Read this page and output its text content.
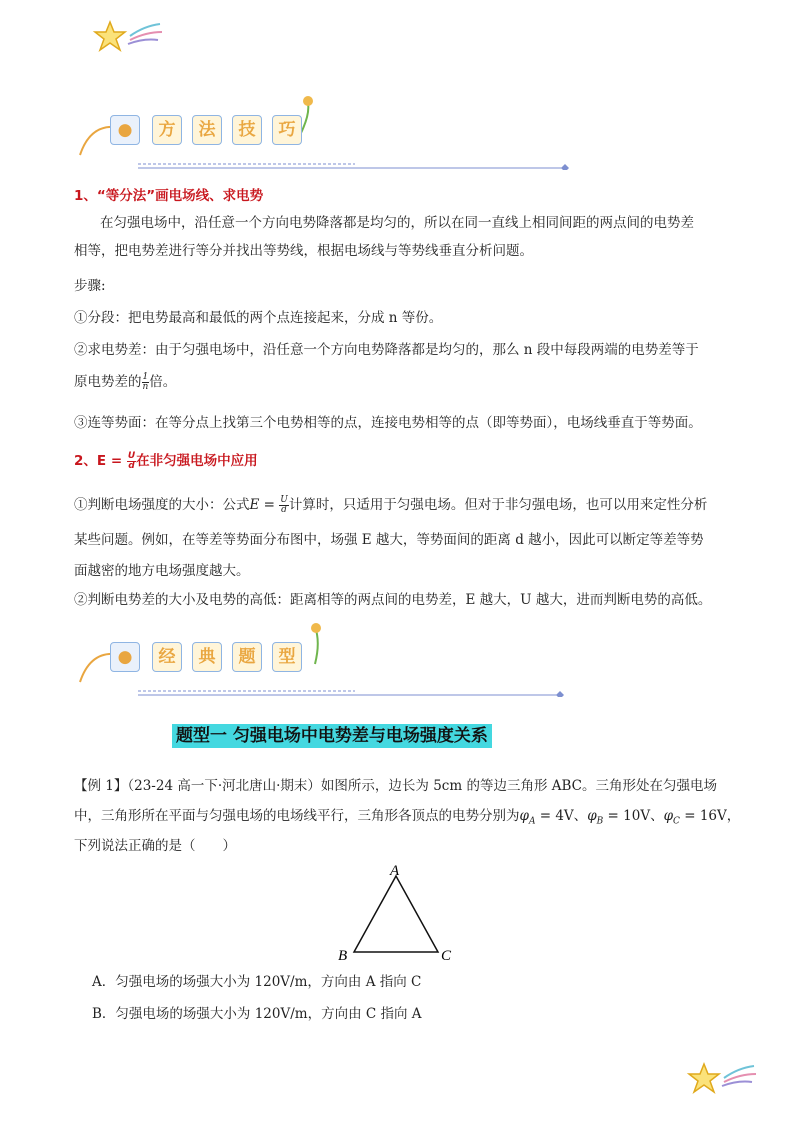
●	方	法	技	巧
1、“等分法”画电场线、求电势
在匀强电场中，沿任意一个方向电势降落都是均匀的，所以在同一直线上相同间距的两点间的电势差
相等，把电势差进行等分并找出等势线，根据电场线与等势线垂直分析问题。
步骤:
①分段：把电势最高和最低的两个点连接起来，分成 n 等份。
②求电势差：由于匀强电场中，沿任意一个方向电势降落都是均匀的，那么 n 段中每段两端的电势差等于
原电势差的 $\frac{1}{n}$ 倍。
③连等势面：在等分点上找第三个电势相等的点，连接电势相等的点（即等势面），电场线垂直于等势面。
2、$E = \frac{U}{d}$ 在非匀强电场中应用
①判断电场强度的大小：公式$E = \frac{U}{d}$ 计算时，只适用于匀强电场。但对于非匀强电场，也可以用来定性分析
某些问题。例如，在等差等势面分布图中，场强 E 越大，等势面间的距离 d 越小，因此可以断定等差等势
面越密的地方电场强度越大。
②判断电势差的大小及电势的高低：距离相等的两点间的电势差，E 越大，U 越大，进而判断电势的高低。
●	经	典	题	型
题型一 匀强电场中电势差与电场强度关系
【例 1】（23-24 高一下·河北唐山·期末）如图所示，边长为 5cm 的等边三角形 ABC。三角形处在匀强电场
中，三角形所在平面与匀强电场的电场线平行，三角形各顶点的电势分别为$\varphi_A = 4V$、$\varphi_B = 10V$、$\varphi_C = 16V$，
下列说法正确的是（　　）
A
B	C
A．匀强电场的场强大小为 120V/m，方向由 A 指向 C
B．匀强电场的场强大小为 120V/m，方向由 C 指向 A
